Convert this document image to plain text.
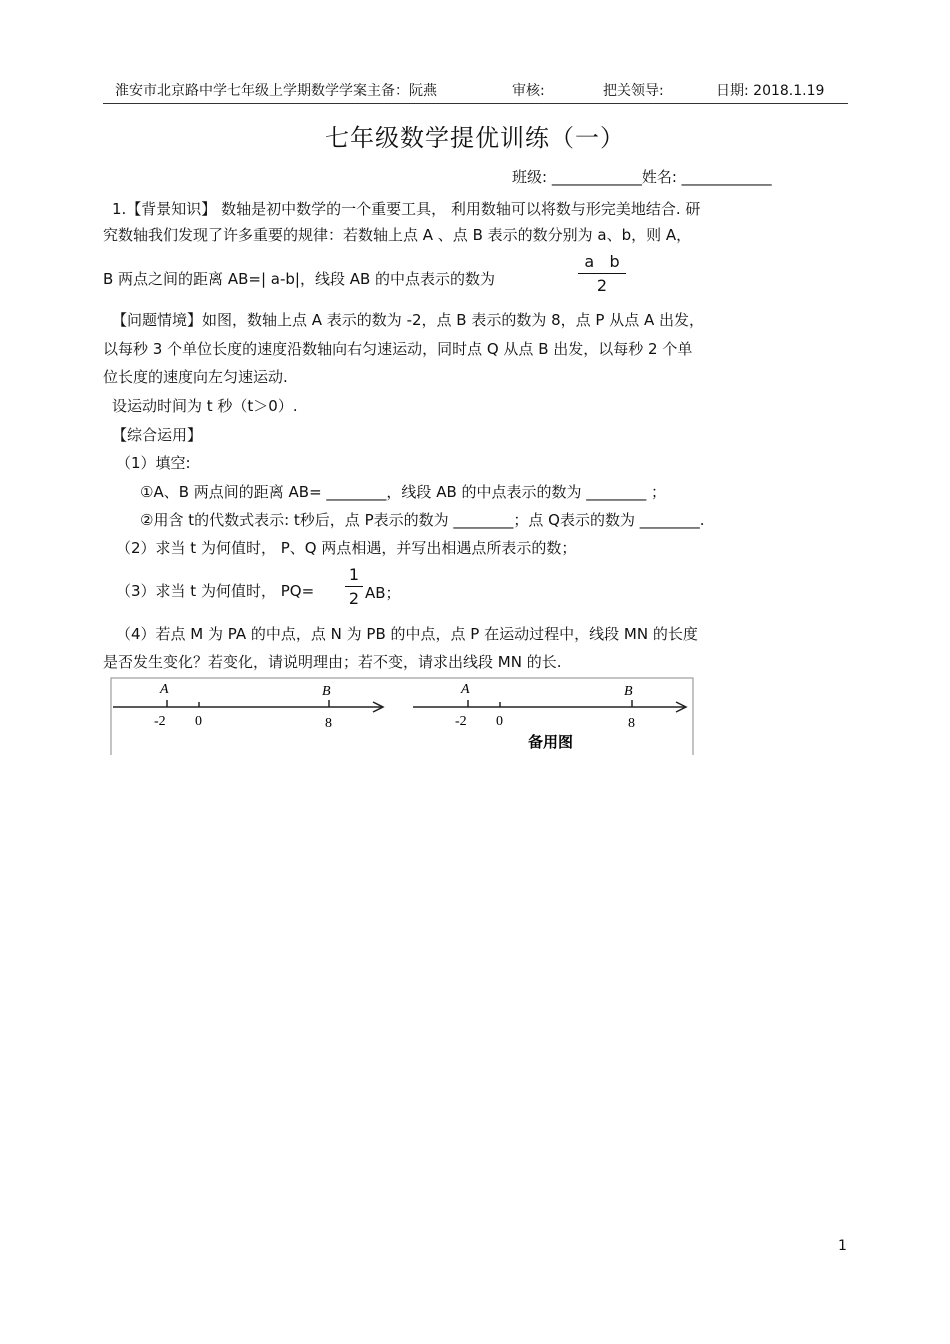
淮安市北京路中学七年级上学期数学学案主备：阮燕	审核:	把关领导:	日期: 2018.1.19
七年级数学提优训练（一）
班级: ____________姓名: ____________
1.【背景知识】 数轴是初中数学的一个重要工具， 利用数轴可以将数与形完美地结合. 研
究数轴我们发现了许多重要的规律：若数轴上点 A 、点 B 表示的数分别为 a、b，则 A，
B 两点之间的距离 AB=| a-b|，线段 AB 的中点表示的数为
a   b
2
【问题情境】如图，数轴上点 A 表示的数为 -2，点 B 表示的数为 8，点 P 从点 A 出发，
以每秒 3 个单位长度的速度沿数轴向右匀速运动，同时点 Q 从点 B 出发，以每秒 2 个单
位长度的速度向左匀速运动.
设运动时间为 t 秒（t＞0）.
【综合运用】
（1）填空:
①A、B 两点间的距离 AB= ________，线段 AB 的中点表示的数为 ________ ；
②用含 t的代数式表示: t秒后，点 P表示的数为 ________；点 Q表示的数为 ________.
（2）求当 t 为何值时， P、Q 两点相遇，并写出相遇点所表示的数；
（3）求当 t 为何值时， PQ=
1
2 AB；
（4）若点 M 为 PA 的中点，点 N 为 PB 的中点，点 P 在运动过程中，线段 MN 的长度
是否发生变化？若变化，请说明理由；若不变，请求出线段 MN 的长.
A	B
-2 0	8
A	B
-2 0	8
备用图
1
